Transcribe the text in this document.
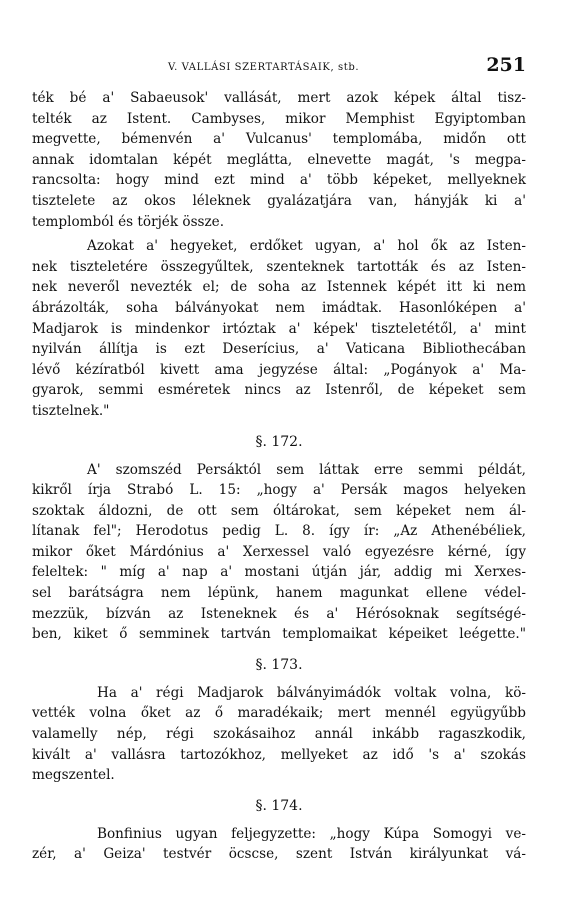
V. VALLÁSI SZERTARTÁSAIK, stb.	251
ték bé a' Sabaeusok' vallását, mert azok képek által tisz-
telték az Istent. Cambyses, mikor Memphist Egyiptomban
megvette, bémenvén a' Vulcanus' templomába, midőn ott
annak idomtalan képét meglátta, elnevette magát, 's megpa-
rancsolta: hogy mind ezt mind a' több képeket, mellyeknek
tisztelete az okos léleknek gyalázatjára van, hányják ki a'
templomból és törjék össze.
Azokat a' hegyeket, erdőket ugyan, a' hol ők az Isten-
nek tiszteletére összegyűltek, szenteknek tartották és az Isten-
nek neveről nevezték el; de soha az Istennek képét itt ki nem
ábrázolták, soha bálványokat nem imádtak. Hasonlóképen a'
Madjarok is mindenkor irtóztak a' képek' tiszteletétől, a' mint
nyilván állítja is ezt Deserícius, a' Vaticana Bibliothecában
lévő kézíratból kivett ama jegyzése által: „Pogányok a' Ma-
gyarok, semmi esméretek nincs az Istenről, de képeket sem
tisztelnek."
§. 172.
A' szomszéd Persáktól sem láttak erre semmi példát,
kikről írja Strabó L. 15: „hogy a' Persák magos helyeken
szoktak áldozni, de ott sem óltárokat, sem képeket nem ál-
lítanak fel"; Herodotus pedig L. 8. így ír: „Az Athenébéliek,
mikor őket Márdónius a' Xerxessel való egyezésre kérné, így
feleltek: " míg a' nap a' mostani útján jár, addig mi Xerxes-
sel barátságra nem lépünk, hanem magunkat ellene védel-
mezzük, bízván az Isteneknek és a' Hérósoknak segítségé-
ben, kiket ő semminek tartván templomaikat képeiket leégette."
§. 173.
Ha a' régi Madjarok bálványimádók voltak volna, kö-
vették volna őket az ő maradékaik; mert mennél együgyűbb
valamelly nép, régi szokásaihoz annál inkább ragaszkodik,
kivált a' vallásra tartozókhoz, mellyeket az idő 's a' szokás
megszentel.
§. 174.
Bonfinius ugyan feljegyzette: „hogy Kúpa Somogyi ve-
zér, a' Geiza' testvér öcscse, szent István királyunkat vá-
